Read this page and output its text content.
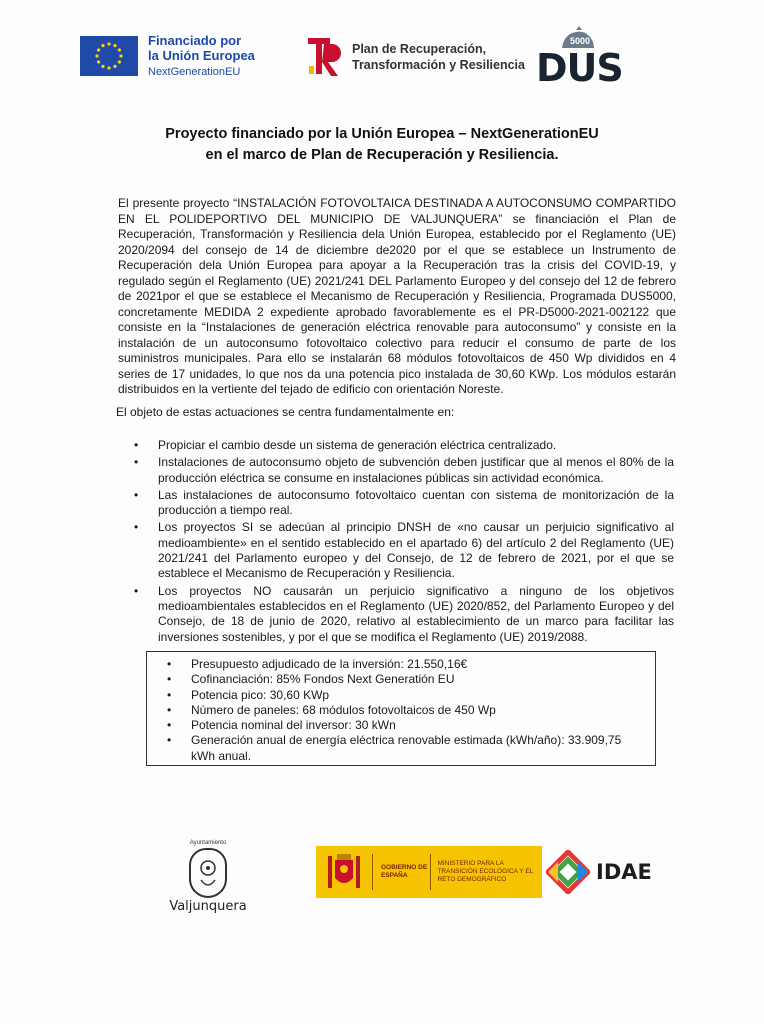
Financiado por
la Unión Europea
NextGenerationEU
Plan de Recuperación,
Transformación y Resiliencia
5000
DUS
Proyecto financiado por la Unión Europea – NextGenerationEU
en el marco de Plan de Recuperación y Resiliencia.
El presente proyecto “INSTALACIÓN FOTOVOLTAICA DESTINADA A AUTOCONSUMO COMPARTIDO EN EL POLIDEPORTIVO DEL MUNICIPIO DE VALJUNQUERA” se financiación el Plan de Recuperación, Transformación y Resiliencia dela Unión Europea, establecido por el Reglamento (UE) 2020/2094 del consejo de 14 de diciembre de2020 por el que se establece un Instrumento de Recuperación dela Unión Europea para apoyar a la Recuperación tras la crisis del COVID-19, y regulado según el Reglamento (UE) 2021/241 DEL Parlamento Europeo y del consejo del 12 de febrero de 2021por el que se establece el Mecanismo de Recuperación y Resiliencia, Programada DUS5000, concretamente MEDIDA 2 expediente aprobado favorablemente es el PR-D5000-2021-002122 que consiste en la “Instalaciones de generación eléctrica renovable para autoconsumo” y consiste en la instalación de un autoconsumo fotovoltaico colectivo para reducir el consumo de parte de los suministros municipales. Para ello se instalarán 68 módulos fotovoltaicos de 450 Wp divididos en 4 series de 17 unidades, lo que nos da una potencia pico instalada de 30,60 KWp. Los módulos estarán distribuidos en la vertiente del tejado de edificio con orientación Noreste.
El objeto de estas actuaciones se centra fundamentalmente en:
• Propiciar el cambio desde un sistema de generación eléctrica centralizado.
• Instalaciones de autoconsumo objeto de subvención deben justificar que al menos el 80% de la producción eléctrica se consume en instalaciones públicas sin actividad económica.
• Las instalaciones de autoconsumo fotovoltaico cuentan con sistema de monitorización de la producción a tiempo real.
• Los proyectos SI se adecúan al principio DNSH de «no causar un perjuicio significativo al medioambiente» en el sentido establecido en el apartado 6) del artículo 2 del Reglamento (UE) 2021/241 del Parlamento europeo y del Consejo, de 12 de febrero de 2021, por el que se establece el Mecanismo de Recuperación y Resiliencia.
• Los proyectos NO causarán un perjuicio significativo a ninguno de los objetivos medioambientales establecidos en el Reglamento (UE) 2020/852, del Parlamento Europeo y del Consejo, de 18 de junio de 2020, relativo al establecimiento de un marco para facilitar las inversiones sostenibles, y por el que se modifica el Reglamento (UE) 2019/2088.
• Presupuesto adjudicado de la inversión: 21.550,16€
• Cofinanciación: 85% Fondos Next Generatión EU
• Potencia pico: 30,60 KWp
• Número de paneles: 68 módulos fotovoltaicos de 450 Wp
• Potencia nominal del inversor: 30 kWn
• Generación anual de energía eléctrica renovable estimada (kWh/año): 33.909,75 kWh anual.
Ayuntamiento
Valjunquera
GOBIERNO DE ESPAÑA
MINISTERIO PARA LA TRANSICIÓN ECOLÓGICA Y EL RETO DEMOGRÁFICO	IDAE
